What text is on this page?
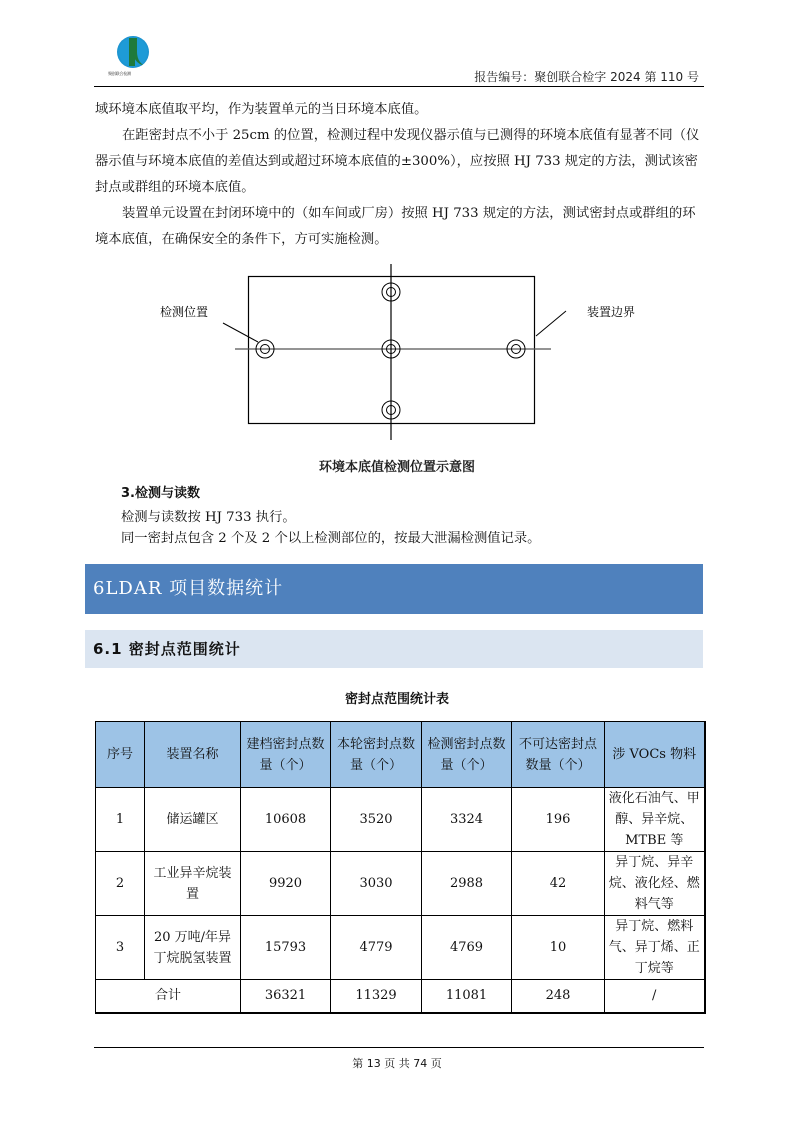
聚创联合检测	报告编号：聚创联合检字 2024 第 110 号
域环境本底值取平均，作为装置单元的当日环境本底值。
在距密封点不小于 25cm 的位置，检测过程中发现仪器示值与已测得的环境本底值有显著不同（仪器示值与环境本底值的差值达到或超过环境本底值的±300%），应按照 HJ 733 规定的方法，测试该密封点或群组的环境本底值。
装置单元设置在封闭环境中的（如车间或厂房）按照 HJ 733 规定的方法，测试密封点或群组的环境本底值，在确保安全的条件下，方可实施检测。
检测位置	装置边界
环境本底值检测位置示意图
3.检测与读数
检测与读数按 HJ 733 执行。
同一密封点包含 2 个及 2 个以上检测部位的，按最大泄漏检测值记录。
6LDAR 项目数据统计
6.1 密封点范围统计
密封点范围统计表
序号	装置名称	建档密封点数量（个）	本轮密封点数量（个）	检测密封点数量（个）	不可达密封点数量（个）	涉 VOCs 物料
1	储运罐区	10608	3520	3324	196	液化石油气、甲醇、异辛烷、MTBE 等
2	工业异辛烷装置	9920	3030	2988	42	异丁烷、异辛烷、液化烃、燃料气等
3	20 万吨/年异丁烷脱氢装置	15793	4779	4769	10	异丁烷、燃料气、异丁烯、正丁烷等
合计		36321	11329	11081	248	/
第 13 页 共 74 页
